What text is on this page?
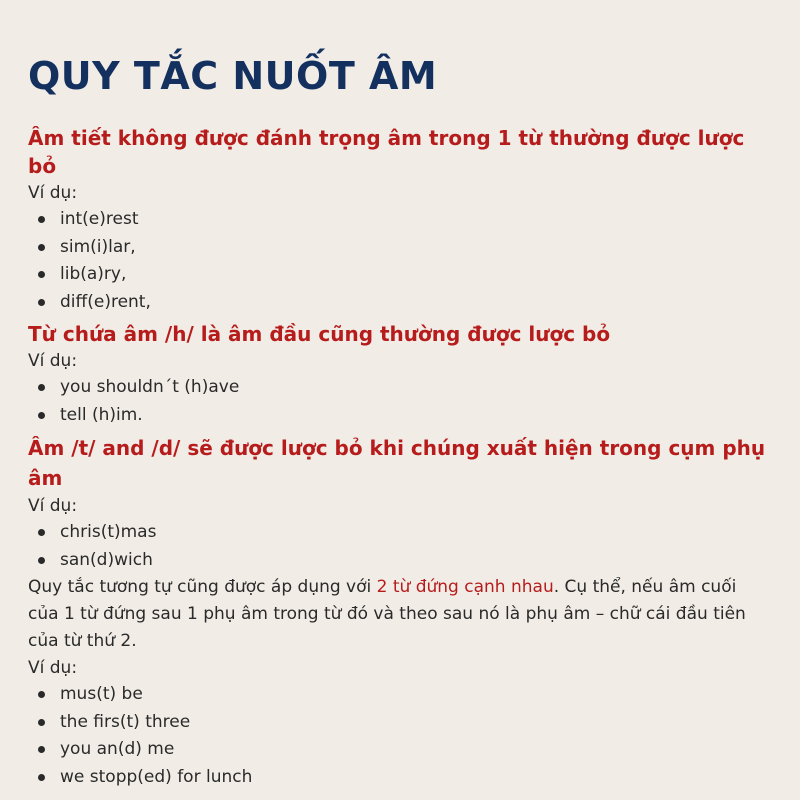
QUY TẮC NUỐT ÂM

Âm tiết không được đánh trọng âm trong 1 từ thường được lược bỏ

Ví dụ:

int(e)rest
sim(i)lar,
lib(a)ry,
diff(e)rent,

Từ chứa âm /h/ là âm đầu cũng thường được lược bỏ

Ví dụ:

you shouldn´t (h)ave
tell (h)im.

Âm /t/ and /d/ sẽ được lược bỏ khi chúng xuất hiện trong cụm phụ âm

Ví dụ:

chris(t)mas
san(d)wich

Quy tắc tương tự cũng được áp dụng với 2 từ đứng cạnh nhau. Cụ thể, nếu âm cuối của 1 từ đứng sau 1 phụ âm trong từ đó và theo sau nó là phụ âm – chữ cái đầu tiên của từ thứ 2.

Ví dụ:

mus(t) be
the firs(t) three
you an(d) me
we stopp(ed) for lunch
